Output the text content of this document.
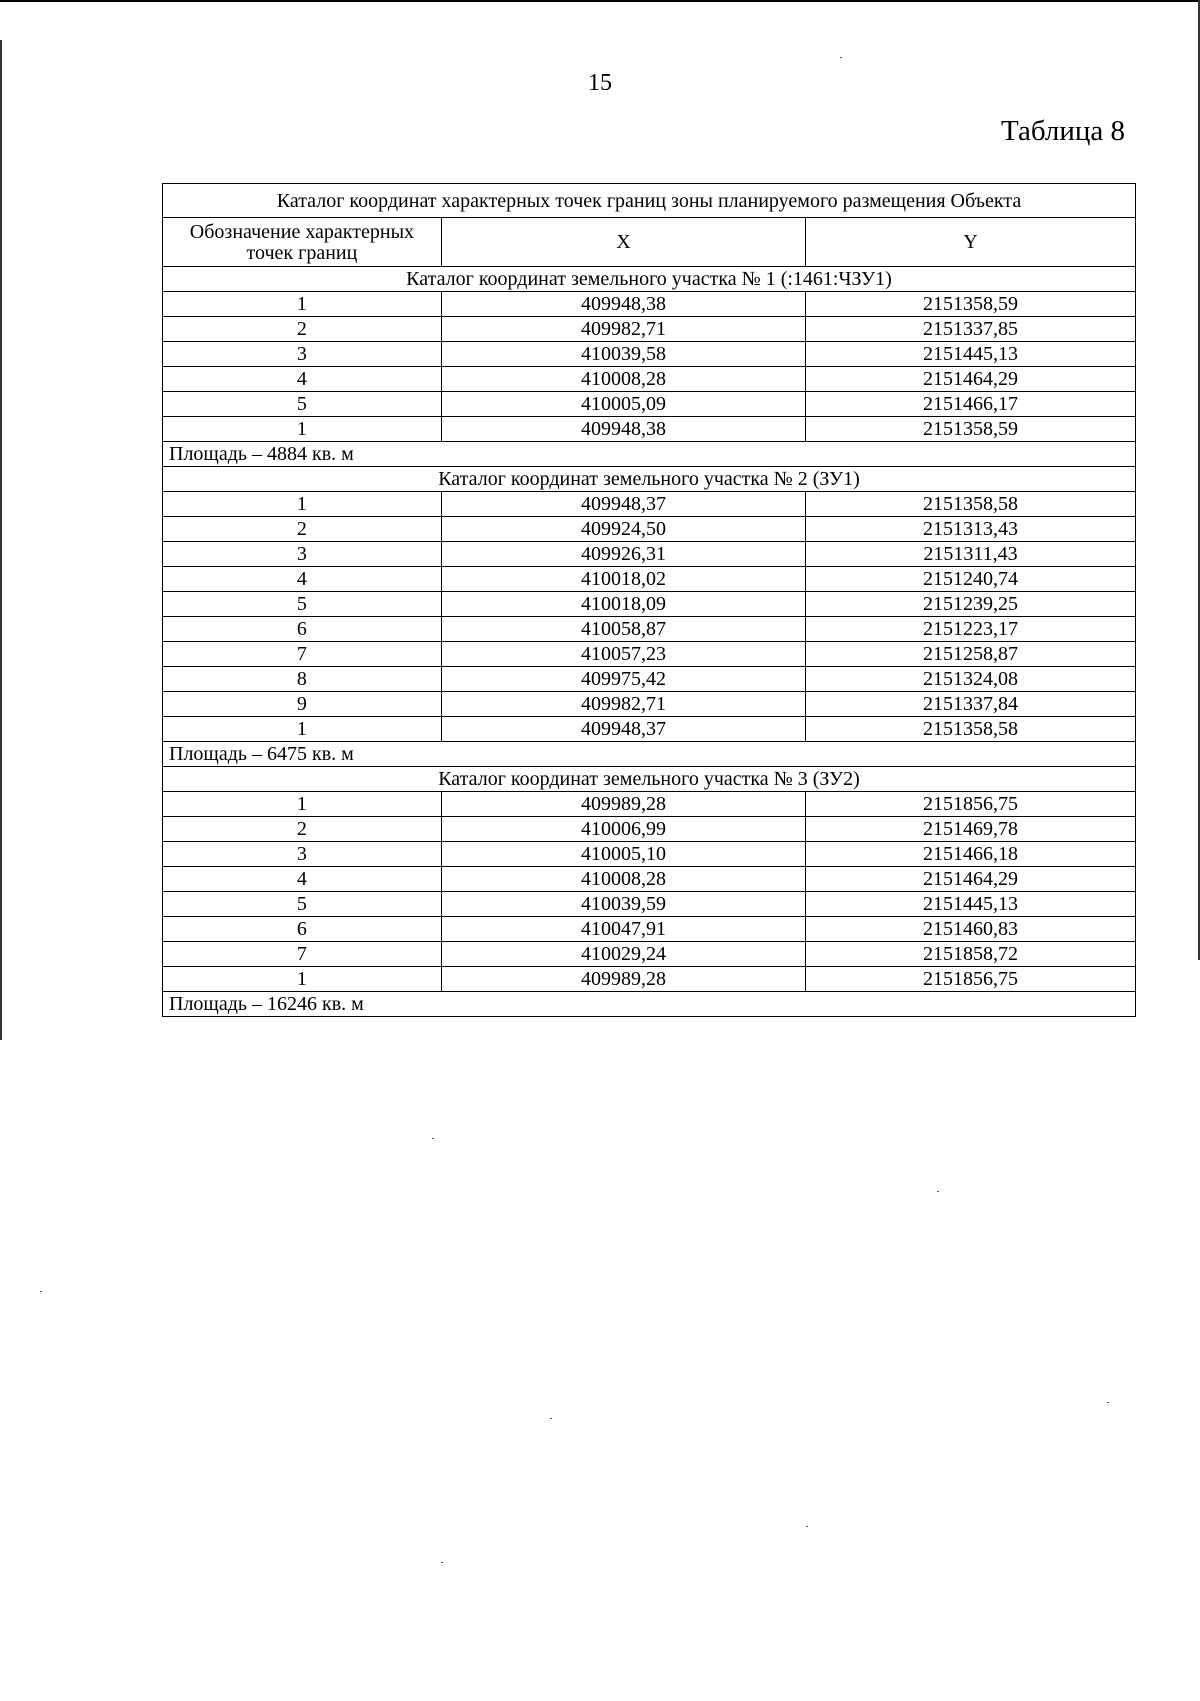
15
Таблица 8
Каталог координат характерных точек границ зоны планируемого размещения Объекта		
Обозначение характерных точек границ	X	Y
Каталог координат земельного участка № 1 (:1461:ЧЗУ1)		
1	409948,38	2151358,59
2	409982,71	2151337,85
3	410039,58	2151445,13
4	410008,28	2151464,29
5	410005,09	2151466,17
1	409948,38	2151358,59
Площадь – 4884 кв. м		
Каталог координат земельного участка № 2 (ЗУ1)		
1	409948,37	2151358,58
2	409924,50	2151313,43
3	409926,31	2151311,43
4	410018,02	2151240,74
5	410018,09	2151239,25
6	410058,87	2151223,17
7	410057,23	2151258,87
8	409975,42	2151324,08
9	409982,71	2151337,84
1	409948,37	2151358,58
Площадь – 6475 кв. м		
Каталог координат земельного участка № 3 (ЗУ2)		
1	409989,28	2151856,75
2	410006,99	2151469,78
3	410005,10	2151466,18
4	410008,28	2151464,29
5	410039,59	2151445,13
6	410047,91	2151460,83
7	410029,24	2151858,72
1	409989,28	2151856,75
Площадь – 16246 кв. м		
